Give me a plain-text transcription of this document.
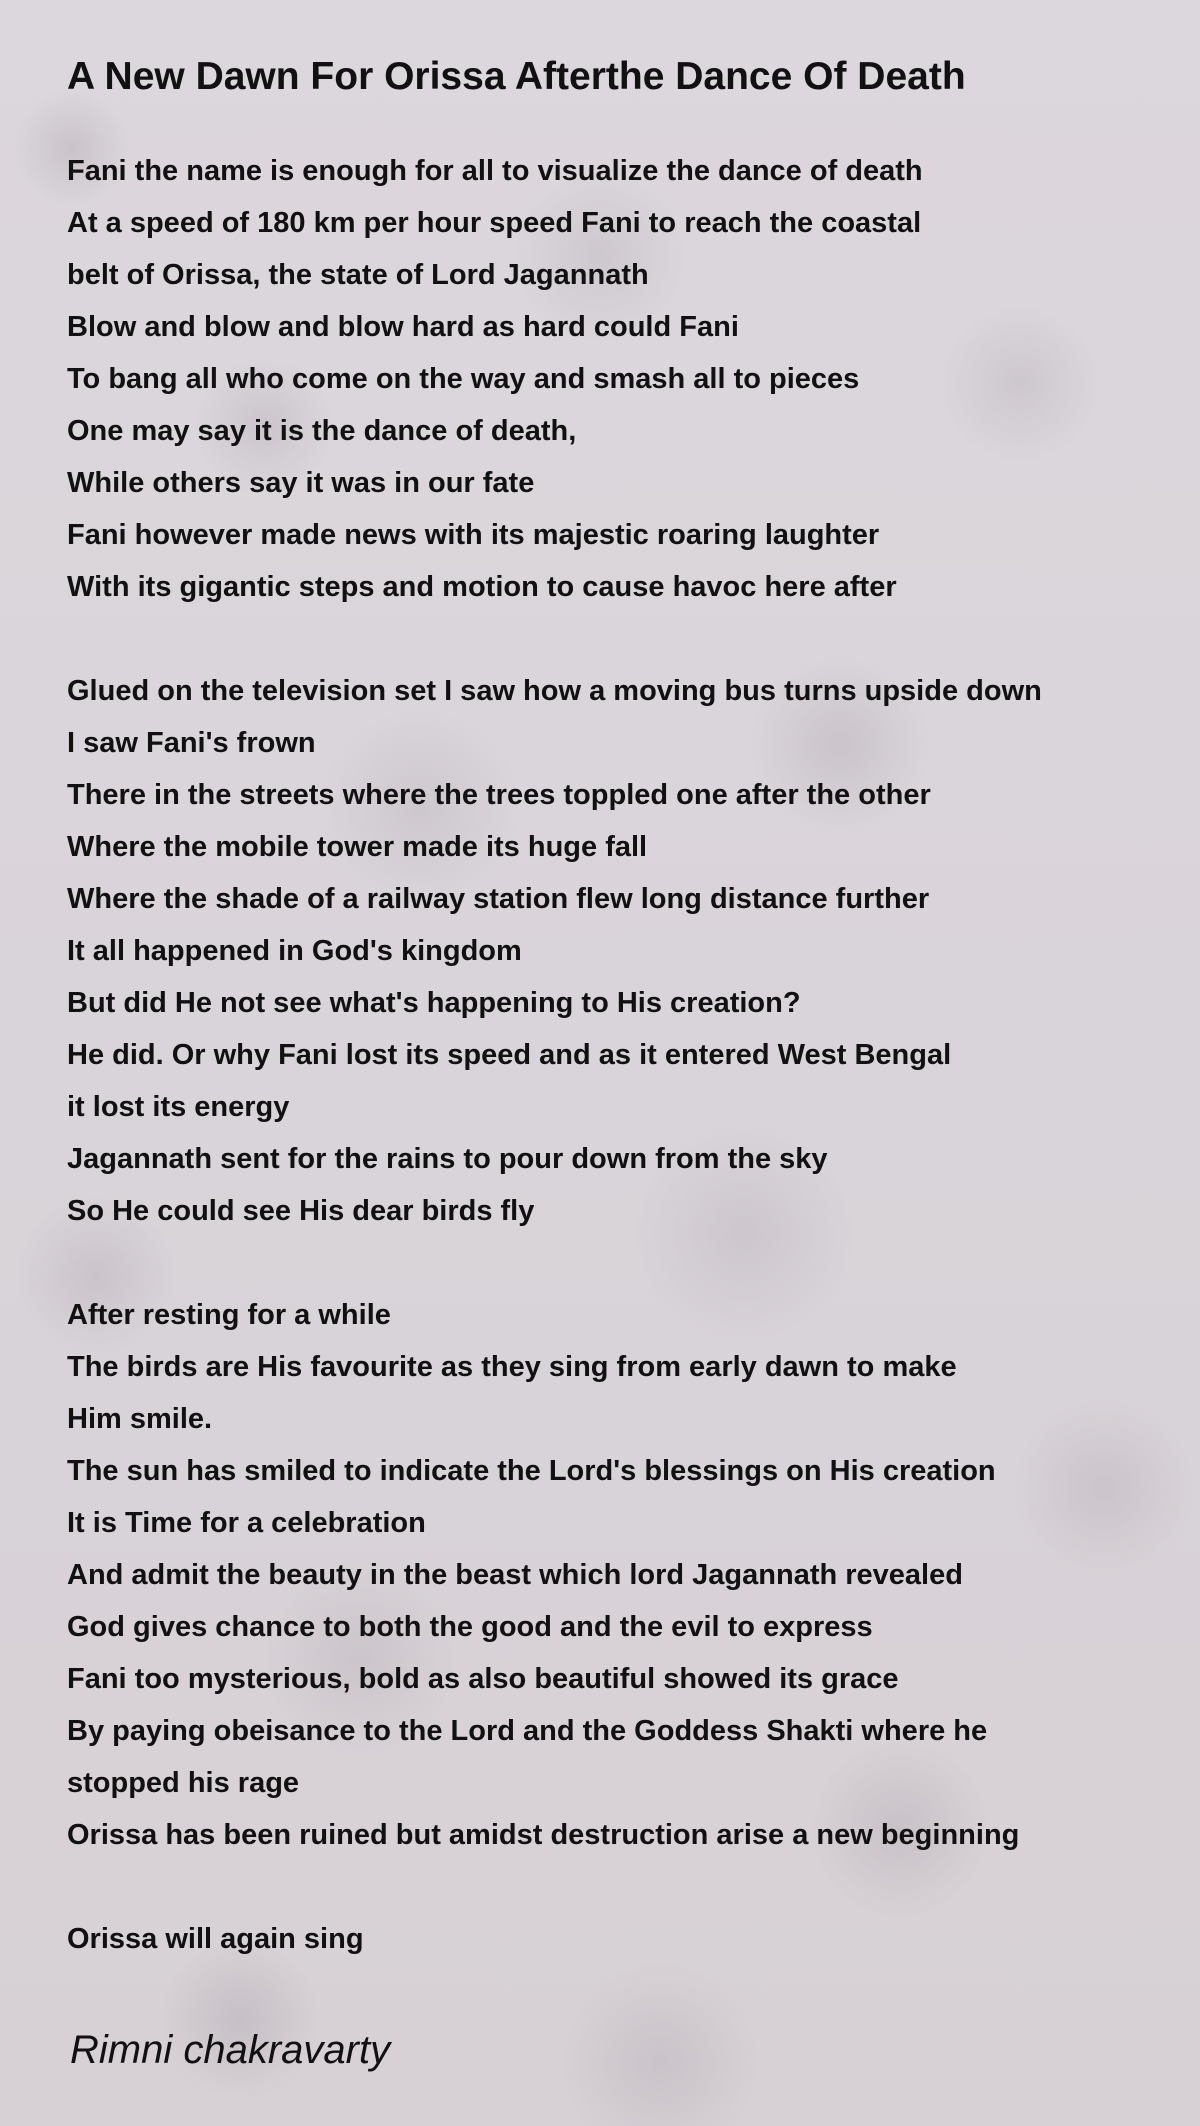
A New Dawn For Orissa Afterthe Dance Of Death
Fani the name is enough for all to visualize the dance of death
At a speed of 180 km per hour speed Fani to reach the coastal
belt of Orissa, the state of Lord Jagannath
Blow and blow and blow hard as hard could Fani
To bang all who come on the way and smash all to pieces
One may say it is the dance of death,
While others say it was in our fate
Fani however made news with its majestic roaring laughter
With its gigantic steps and motion to cause havoc here after
Glued on the television set I saw how a moving bus turns upside down
I saw Fani's frown
There in the streets where the trees toppled one after the other
Where the mobile tower made its huge fall
Where the shade of a railway station flew long distance further
It all happened in God's kingdom
But did He not see what's happening to His creation?
He did. Or why Fani lost its speed and as it entered West Bengal
it lost its energy
Jagannath sent for the rains to pour down from the sky
So He could see His dear birds fly
After resting for a while
The birds are His favourite as they sing from early dawn to make
Him smile.
The sun has smiled to indicate the Lord's blessings on His creation
It is Time for a celebration
And admit the beauty in the beast which lord Jagannath revealed
God gives chance to both the good and the evil to express
Fani too mysterious, bold as also beautiful showed its grace
By paying obeisance to the Lord and the Goddess Shakti where he
stopped his rage
Orissa has been ruined but amidst destruction arise a new beginning
Orissa will again sing
Rimni chakravarty
